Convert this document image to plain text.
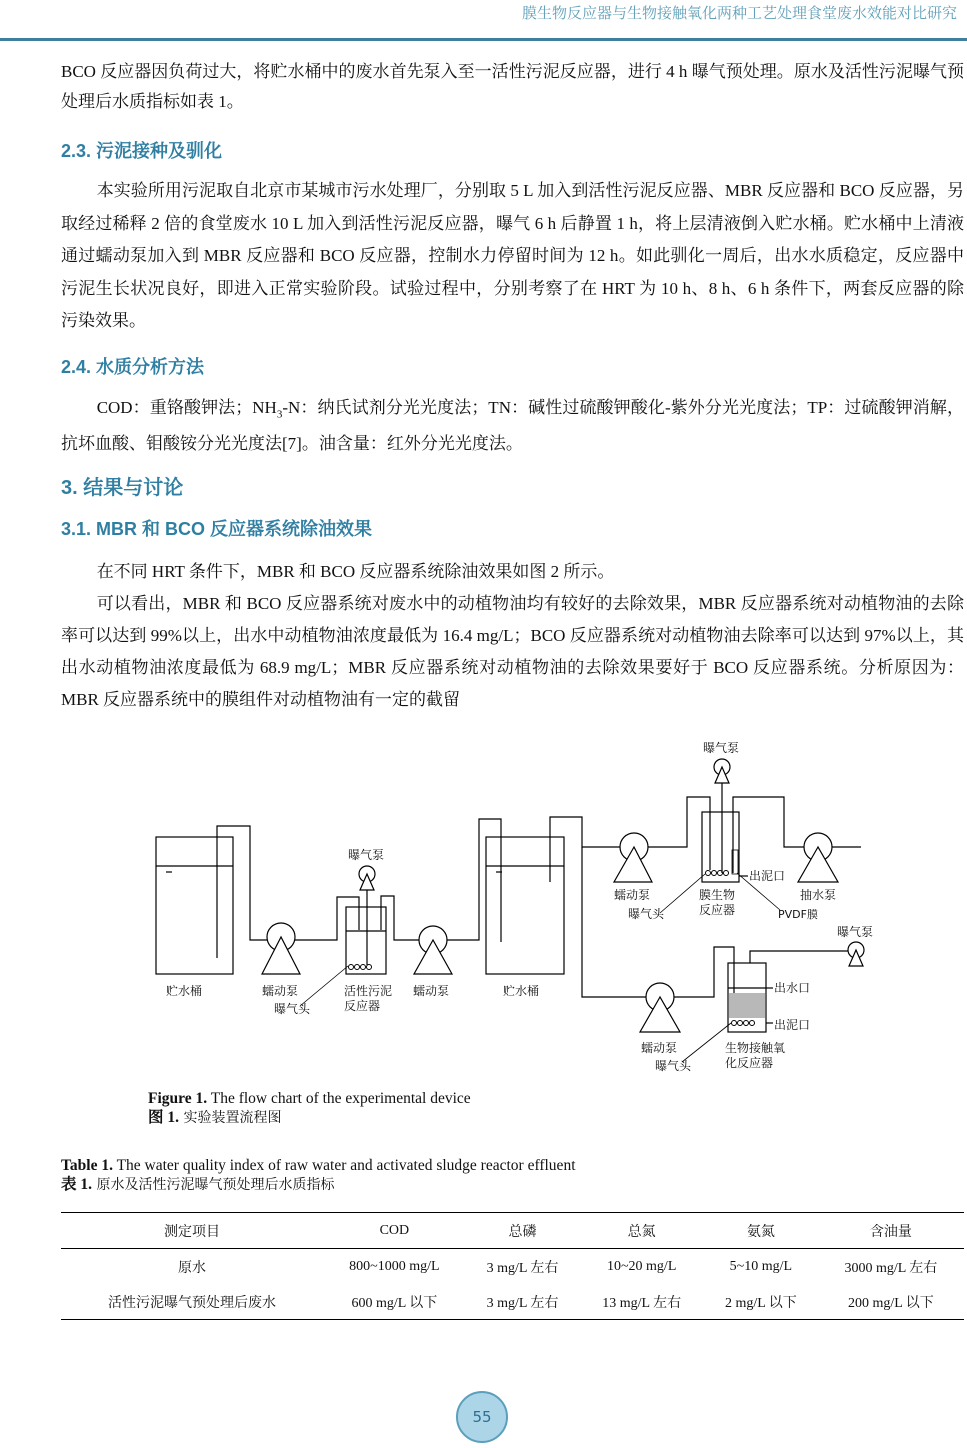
膜生物反应器与生物接触氧化两种工艺处理食堂废水效能对比研究
BCO 反应器因负荷过大，将贮水桶中的废水首先泵入至一活性污泥反应器，进行 4 h 曝气预处理。原水及活性污泥曝气预处理后水质指标如表 1。
2.3. 污泥接种及驯化
本实验所用污泥取自北京市某城市污水处理厂，分别取 5 L 加入到活性污泥反应器、MBR 反应器和 BCO 反应器，另取经过稀释 2 倍的食堂废水 10 L 加入到活性污泥反应器，曝气 6 h 后静置 1 h，将上层清液倒入贮水桶。贮水桶中上清液通过蠕动泵加入到 MBR 反应器和 BCO 反应器，控制水力停留时间为 12 h。如此驯化一周后，出水水质稳定，反应器中污泥生长状况良好，即进入正常实验阶段。试验过程中，分别考察了在 HRT 为 10 h、8 h、6 h 条件下，两套反应器的除污染效果。
2.4. 水质分析方法
COD：重铬酸钾法；$NH_3-N$：纳氏试剂分光光度法；TN：碱性过硫酸钾酸化-紫外分光光度法；TP：过硫酸钾消解，抗坏血酸、钼酸铵分光光度法[7]。油含量：红外分光光度法。
3. 结果与讨论
3.1. MBR 和 BCO 反应器系统除油效果
在不同 HRT 条件下，MBR 和 BCO 反应器系统除油效果如图 2 所示。
可以看出，MBR 和 BCO 反应器系统对废水中的动植物油均有较好的去除效果，MBR 反应器系统对动植物油的去除率可以达到 99%以上，出水中动植物油浓度最低为 16.4 mg/L；BCO 反应器系统对动植物油去除率可以达到 97%以上，其出水动植物油浓度最低为 68.9 mg/L；MBR 反应器系统对动植物油的去除效果要好于 BCO 反应器系统。分析原因为：MBR 反应器系统中的膜组件对动植物油有一定的截留
贮水桶	蠕动泵	活性污泥
反应器
曝气头
曝气泵
蠕动泵	贮水桶
蠕动泵
曝气头
膜生物
反应器	PVDF膜
出泥口
抽水泵
曝气泵
曝气泵
出水口
出泥口
蠕动泵
曝气头
生物接触氧
化反应器
Figure 1. The flow chart of the experimental device
图 1. 实验装置流程图
Table 1. The water quality index of raw water and activated sludge reactor effluent
表 1. 原水及活性污泥曝气预处理后水质指标
测定项目	COD	总磷	总氮	氨氮	含油量
原水	800~1000 mg/L	3 mg/L 左右	10~20 mg/L	5~10 mg/L	3000 mg/L 左右
活性污泥曝气预处理后废水	600 mg/L 以下	3 mg/L 左右	13 mg/L 左右	2 mg/L 以下	200 mg/L 以下
55
